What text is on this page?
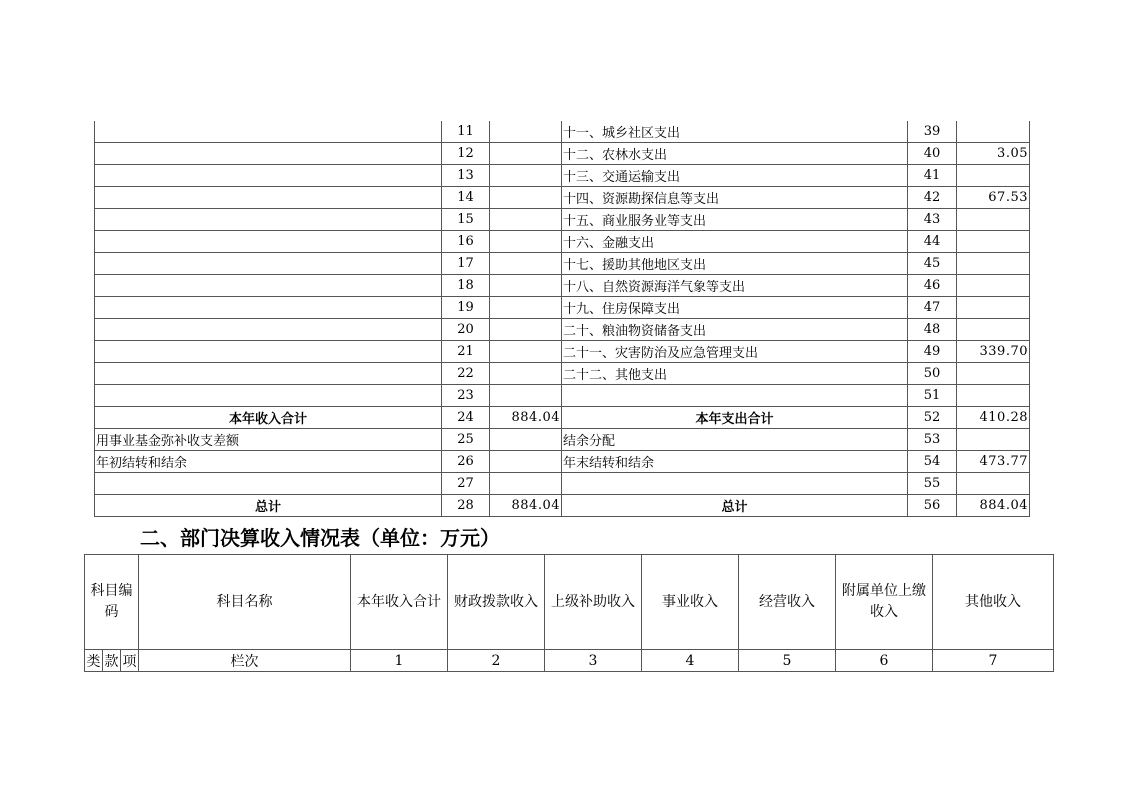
	11		十一、城乡社区支出	39	
	12		十二、农林水支出	40	3.05
	13		十三、交通运输支出	41	
	14		十四、资源勘探信息等支出	42	67.53
	15		十五、商业服务业等支出	43	
	16		十六、金融支出	44	
	17		十七、援助其他地区支出	45	
	18		十八、自然资源海洋气象等支出	46	
	19		十九、住房保障支出	47	
	20		二十、粮油物资储备支出	48	
	21		二十一、灾害防治及应急管理支出	49	339.70
	22		二十二、其他支出	50	
	23			51	
本年收入合计	24	884.04	本年支出合计	52	410.28
用事业基金弥补收支差额	25		结余分配	53	
年初结转和结余	26		年末结转和结余	54	473.77
	27			55	
总计	28	884.04	总计	56	884.04
二、部门决算收入情况表（单位：万元）
科目编码			科目名称	本年收入合计	财政拨款收入	上级补助收入	事业收入	经营收入	附属单位上缴收入	其他收入
类	款	项	栏次	1	2	3	4	5	6	7
